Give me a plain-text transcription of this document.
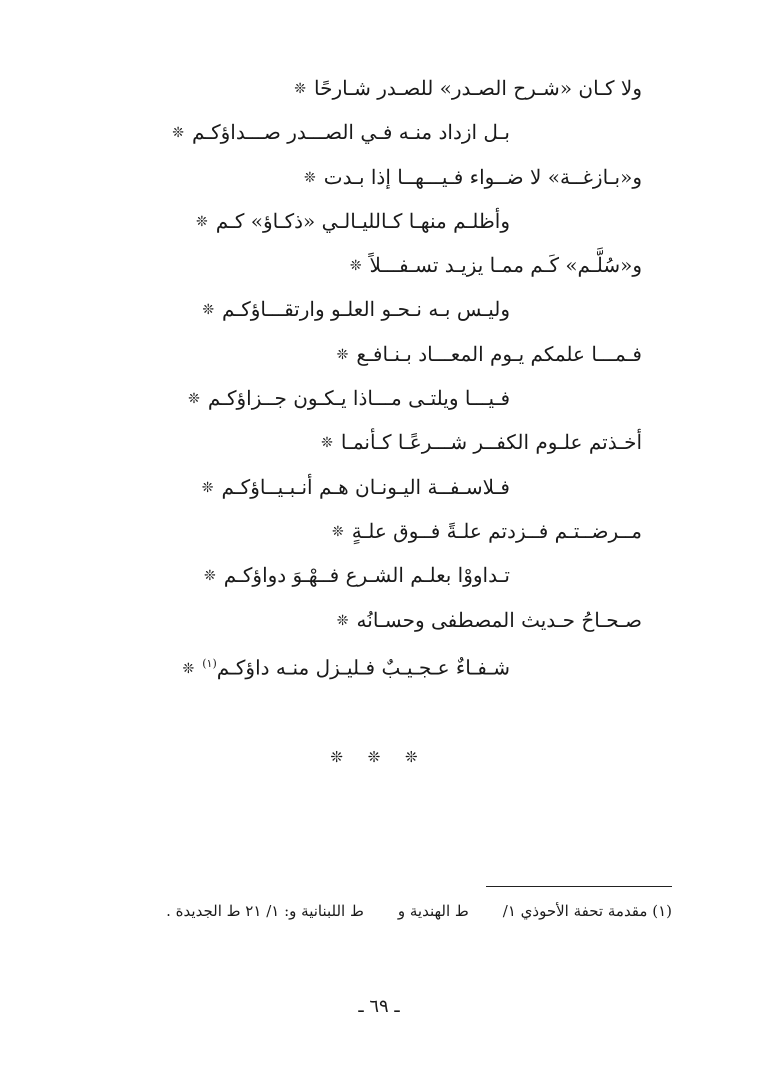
ولا كـان «شـرح الصـدر» للصـدر شـارحًا❊
بـل ازداد منـه فـي الصـــدر صـــداؤكـم❊
و«بـازغــة» لا ضــواء فـيـــهــا إذا بـدت❊
وأظلـم منهـا كـالليـالـي «ذكـاؤ» كـم❊
و«سُلَّـم» كَـم ممـا يزيـد تسـفـــلاً❊
وليـس بـه نـحـو العلـو وارتقـــاؤكـم❊
فـمـــا علمكم يـوم المعـــاد بـنـافـع❊
فـيـــا ويلتـى مـــاذا يـكـون جــزاؤكـم❊
أخـذتم علـوم الكفــر شـــرعًـا كـأنمـا❊
فـلاسـفــة اليـونـان هـم أنـبـيــاؤكـم❊
مــرضــتـم فــزدتم علـةً فــوق علـةٍ❊
تـداووْا بعلـم الشـرع فــهْـوَ دواؤكـم❊
صـحـاحُ حـديث المصطفى وحسـانُه❊
شـفـاءٌ عـجـيـبٌ فـليـزل منـه داؤكـم$^{(١)}$❊
❊ ❊ ❊
(١) مقدمة تحفة الأحوذي ١/ط الهندية وط اللبنانية و: ١/ ٢١ ط الجديدة .
ـ ٦٩ ـ
